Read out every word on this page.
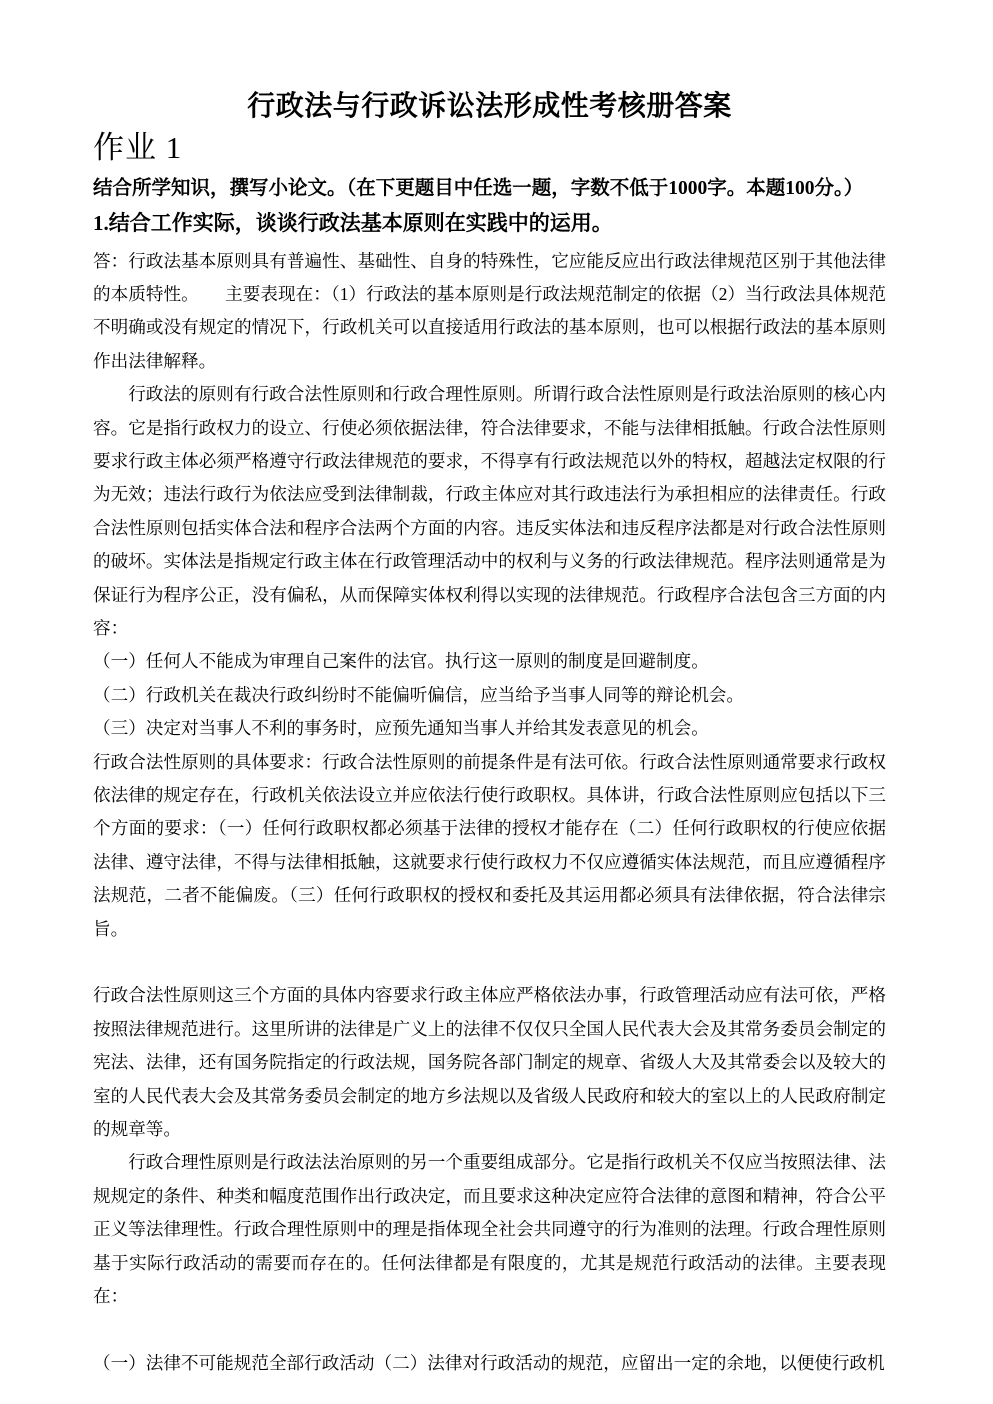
行政法与行政诉讼法形成性考核册答案
作业 1

结合所学知识，撰写小论文。（在下更题目中任选一题，字数不低于1000字。本题100分。）

1.结合工作实际，谈谈行政法基本原则在实践中的运用。

答：行政法基本原则具有普遍性、基础性、自身的特殊性，它应能反应出行政法律规范区别于其他法律的本质特性。　　主要表现在：（1）行政法的基本原则是行政法规范制定的依据（2）当行政法具体规范不明确或没有规定的情况下，行政机关可以直接适用行政法的基本原则，也可以根据行政法的基本原则作出法律解释。

行政法的原则有行政合法性原则和行政合理性原则。所谓行政合法性原则是行政法治原则的核心内容。它是指行政权力的设立、行使必须依据法律，符合法律要求，不能与法律相抵触。行政合法性原则要求行政主体必须严格遵守行政法律规范的要求，不得享有行政法规范以外的特权，超越法定权限的行为无效；违法行政行为依法应受到法律制裁，行政主体应对其行政违法行为承担相应的法律责任。行政合法性原则包括实体合法和程序合法两个方面的内容。违反实体法和违反程序法都是对行政合法性原则的破坏。实体法是指规定行政主体在行政管理活动中的权利与义务的行政法律规范。程序法则通常是为保证行为程序公正，没有偏私，从而保障实体权利得以实现的法律规范。行政程序合法包含三方面的内容：

（一）任何人不能成为审理自己案件的法官。执行这一原则的制度是回避制度。

（二）行政机关在裁决行政纠纷时不能偏听偏信，应当给予当事人同等的辩论机会。

（三）决定对当事人不利的事务时，应预先通知当事人并给其发表意见的机会。

行政合法性原则的具体要求：行政合法性原则的前提条件是有法可依。行政合法性原则通常要求行政权依法律的规定存在，行政机关依法设立并应依法行使行政职权。具体讲，行政合法性原则应包括以下三个方面的要求：（一）任何行政职权都必须基于法律的授权才能存在（二）任何行政职权的行使应依据法律、遵守法律，不得与法律相抵触，这就要求行使行政权力不仅应遵循实体法规范，而且应遵循程序法规范，二者不能偏废。（三）任何行政职权的授权和委托及其运用都必须具有法律依据，符合法律宗旨。

行政合法性原则这三个方面的具体内容要求行政主体应严格依法办事，行政管理活动应有法可依，严格按照法律规范进行。这里所讲的法律是广义上的法律不仅仅只全国人民代表大会及其常务委员会制定的宪法、法律，还有国务院指定的行政法规，国务院各部门制定的规章、省级人大及其常委会以及较大的室的人民代表大会及其常务委员会制定的地方乡法规以及省级人民政府和较大的室以上的人民政府制定的规章等。

行政合理性原则是行政法法治原则的另一个重要组成部分。它是指行政机关不仅应当按照法律、法规规定的条件、种类和幅度范围作出行政决定，而且要求这种决定应符合法律的意图和精神，符合公平正义等法律理性。行政合理性原则中的理是指体现全社会共同遵守的行为准则的法理。行政合理性原则基于实际行政活动的需要而存在的。任何法律都是有限度的，尤其是规范行政活动的法律。主要表现在：

（一）法律不可能规范全部行政活动（二）法律对行政活动的规范，应留出一定的余地，以便使行政机
